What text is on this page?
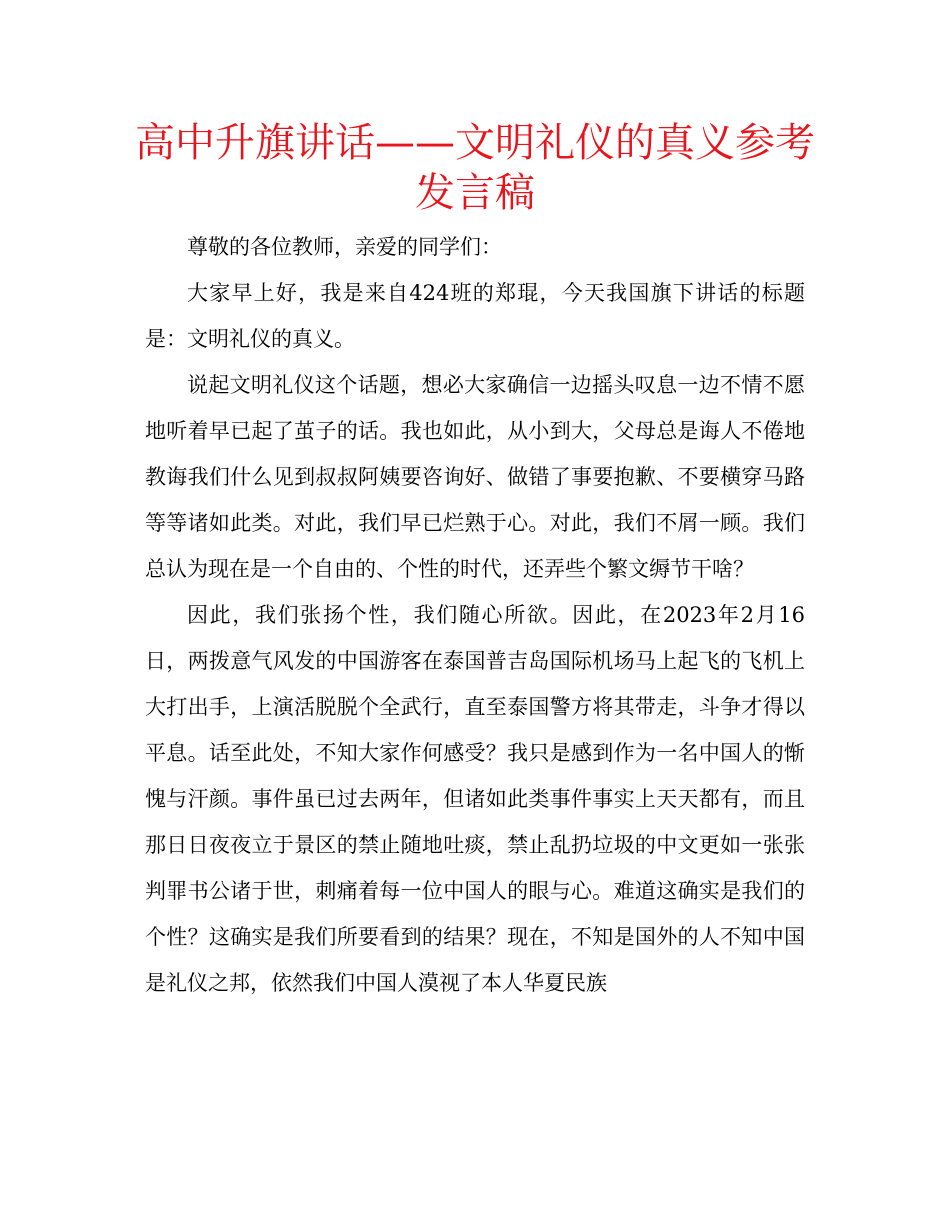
高中升旗讲话——文明礼仪的真义参考发言稿

尊敬的各位教师，亲爱的同学们：

大家早上好，我是来自424班的郑琨，今天我国旗下讲话的标题是：文明礼仪的真义。

说起文明礼仪这个话题，想必大家确信一边摇头叹息一边不情不愿地听着早已起了茧子的话。我也如此，从小到大，父母总是诲人不倦地教诲我们什么见到叔叔阿姨要咨询好、做错了事要抱歉、不要横穿马路等等诸如此类。对此，我们早已烂熟于心。对此，我们不屑一顾。我们总认为现在是一个自由的、个性的时代，还弄些个繁文缛节干啥？

因此，我们张扬个性，我们随心所欲。因此，在2023年2月16日，两拨意气风发的中国游客在泰国普吉岛国际机场马上起飞的飞机上大打出手，上演活脱脱个全武行，直至泰国警方将其带走，斗争才得以平息。话至此处，不知大家作何感受？我只是感到作为一名中国人的惭愧与汗颜。事件虽已过去两年，但诸如此类事件事实上天天都有，而且那日日夜夜立于景区的禁止随地吐痰，禁止乱扔垃圾的中文更如一张张判罪书公诸于世，刺痛着每一位中国人的眼与心。难道这确实是我们的个性？这确实是我们所要看到的结果？现在，不知是国外的人不知中国是礼仪之邦，依然我们中国人漠视了本人华夏民族
